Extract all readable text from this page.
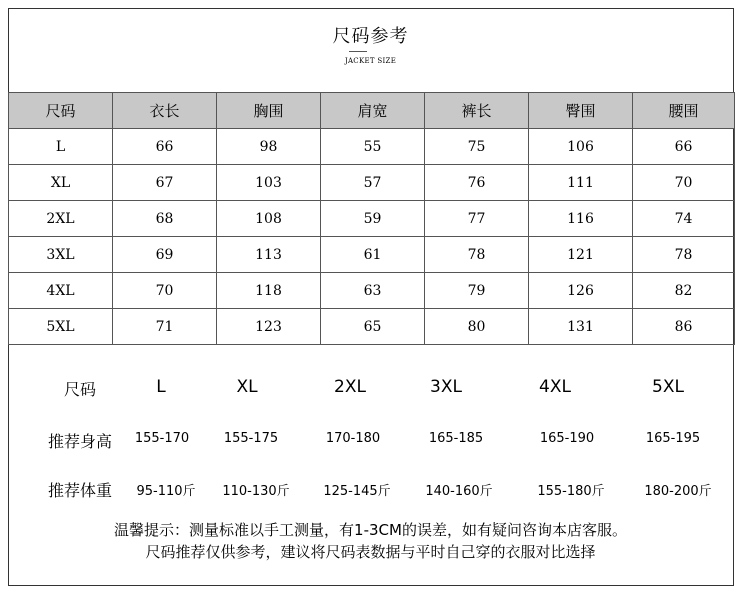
尺码参考
JACKET SIZE
尺码	衣长	胸围	肩宽	裤长	臀围	腰围
L	66	98	55	75	106	66
XL	67	103	57	76	111	70
2XL	68	108	59	77	116	74
3XL	69	113	61	78	121	78
4XL	70	118	63	79	126	82
5XL	71	123	65	80	131	86
尺码	L	XL	2XL	3XL	4XL	5XL
推荐身高 155-170	155-175	170-180	165-185	165-190	165-195
推荐体重 95-110斤 110-130斤	125-145斤	140-160斤	155-180斤	180-200斤
温馨提示：测量标准以手工测量，有1-3CM的误差，如有疑问咨询本店客服。
尺码推荐仅供参考，建议将尺码表数据与平时自己穿的衣服对比选择
